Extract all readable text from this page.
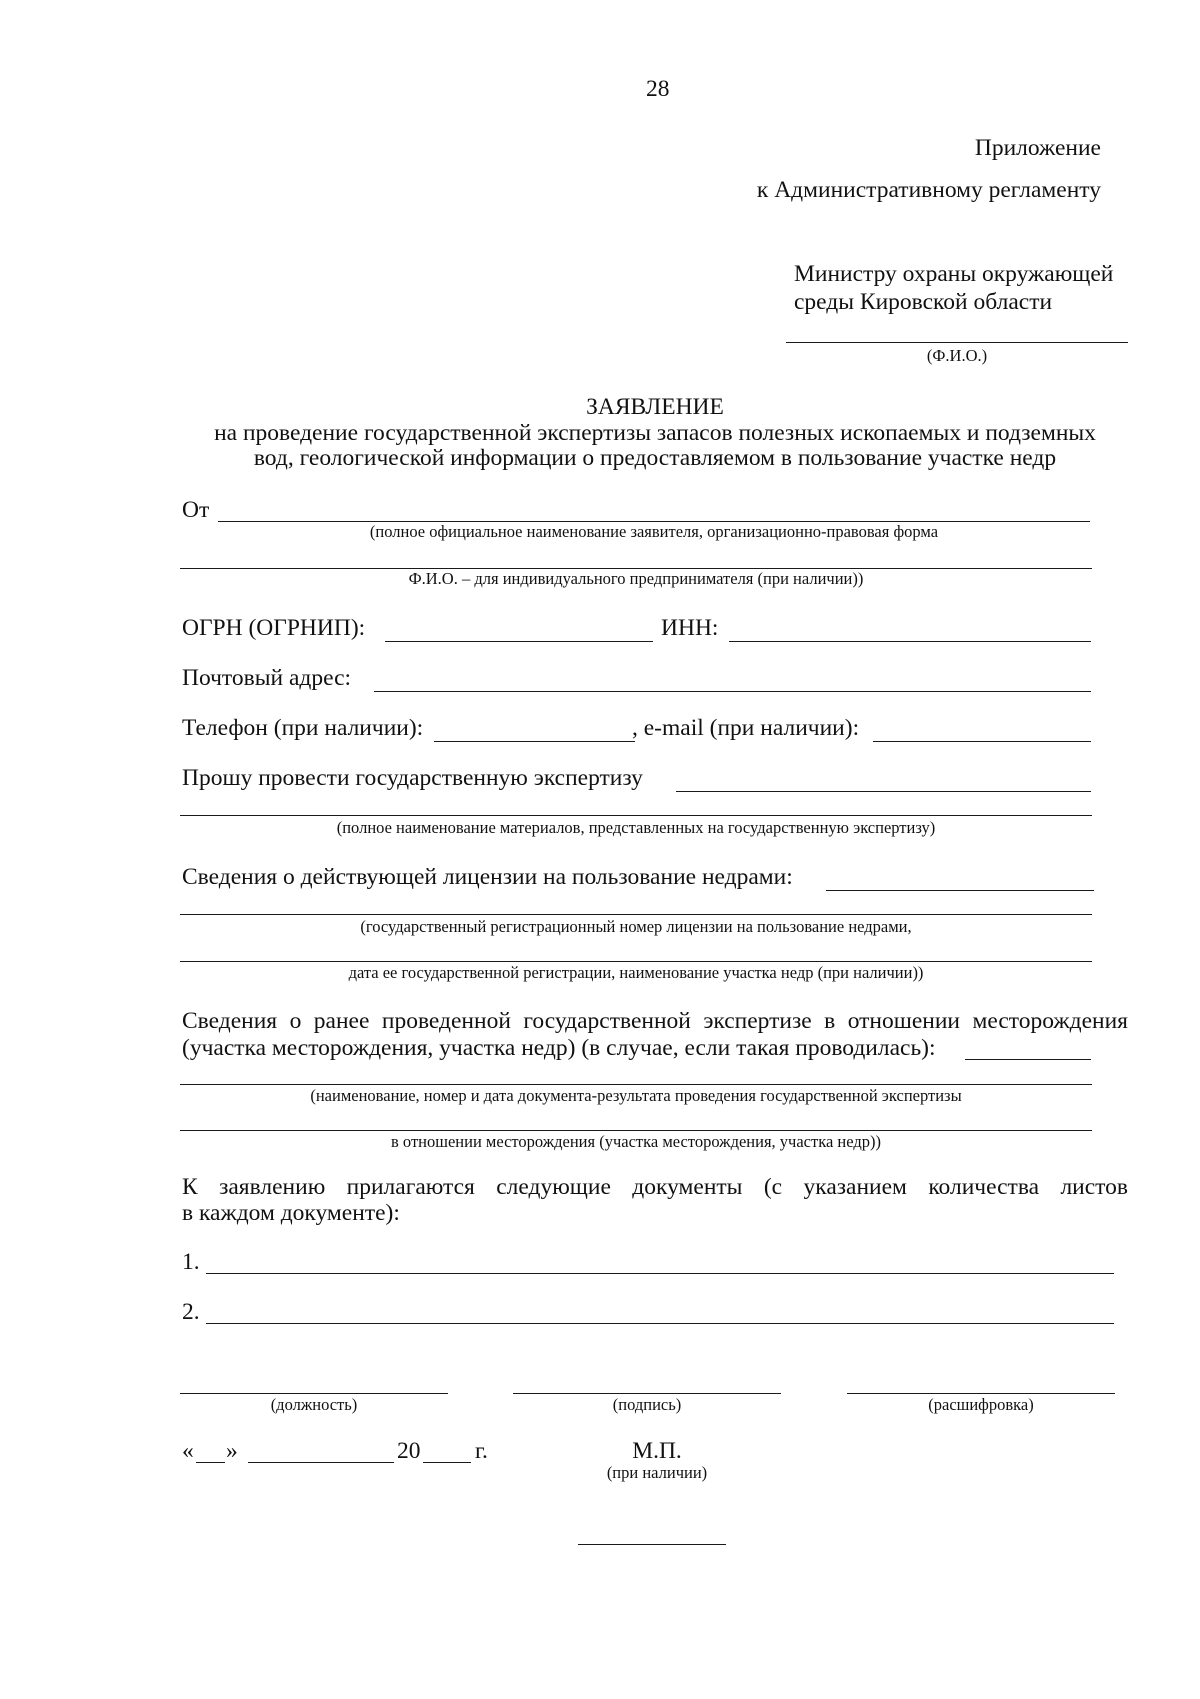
28
Приложение
к Административному регламенту
Министру охраны окружающей
среды Кировской области
(Ф.И.О.)
ЗАЯВЛЕНИЕ
на проведение государственной экспертизы запасов полезных ископаемых и подземных
вод, геологической информации о предоставляемом в пользование участке недр
От
(полное официальное наименование заявителя, организационно-правовая форма
Ф.И.О. – для индивидуального предпринимателя (при наличии))
ОГРН (ОГРНИП):	ИНН:
Почтовый адрес:
Телефон (при наличии):	, e-mail (при наличии):
Прошу провести государственную экспертизу
(полное наименование материалов, представленных на государственную экспертизу)
Сведения о действующей лицензии на пользование недрами:
(государственный регистрационный номер лицензии на пользование недрами,
дата ее государственной регистрации, наименование участка недр (при наличии))
Сведения о ранее проведенной государственной экспертизе в отношении месторождения
(участка месторождения, участка недр) (в случае, если такая проводилась):
(наименование, номер и дата документа-результата проведения государственной экспертизы
в отношении месторождения (участка месторождения, участка недр))
К заявлению прилагаются следующие документы (с указанием количества листов
в каждом документе):
1.
2.
(должность)	(подпись)	(расшифровка)
« »	20 г.	М.П.
(при наличии)
